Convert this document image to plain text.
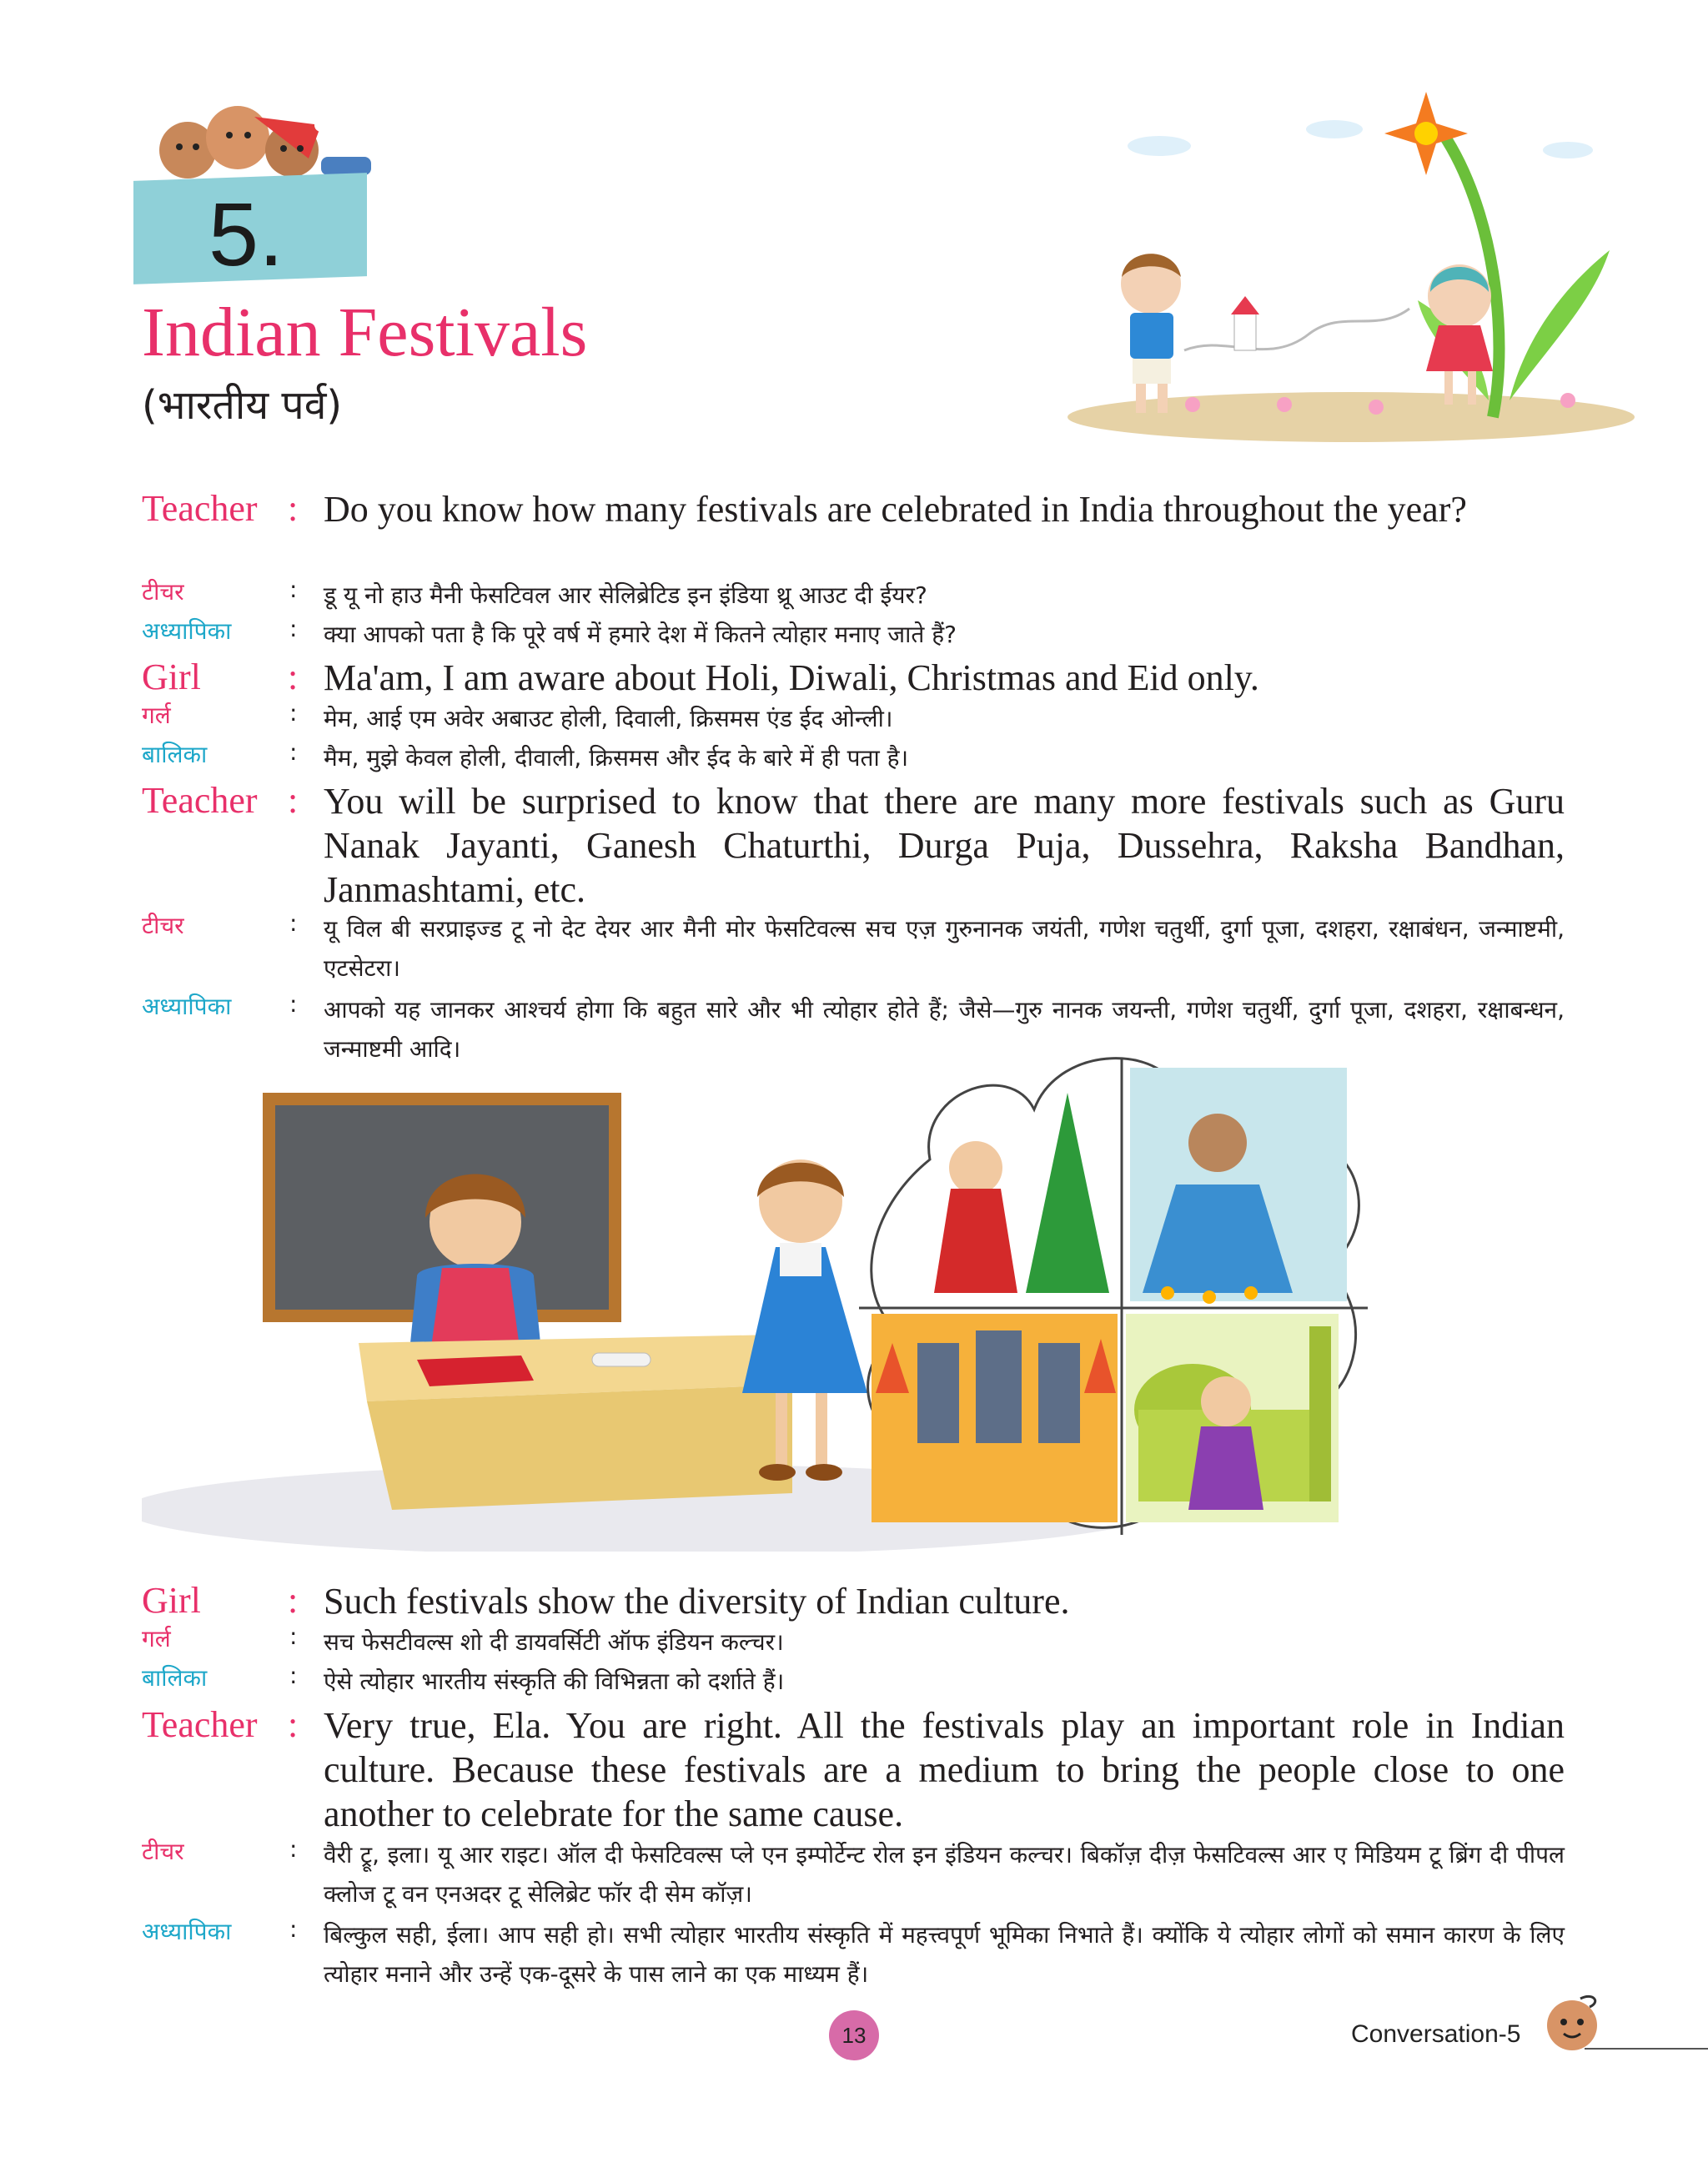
5.
Indian Festivals
(भारतीय पर्व)
Teacher : Do you know how many festivals are celebrated in India throughout the year?
टीचर	: डू यू नो हाउ मैनी फेसटिवल आर सेलिब्रेटिड इन इंडिया थ्रू आउट दी ईयर?
अध्यापिका : क्या आपको पता है कि पूरे वर्ष में हमारे देश में कितने त्योहार मनाए जाते हैं?
Girl : Ma'am, I am aware about Holi, Diwali, Christmas and Eid only.
गर्ल	: मेम, आई एम अवेर अबाउट होली, दिवाली, क्रिसमस एंड ईद ओन्ली।
बालिका	: मैम, मुझे केवल होली, दीवाली, क्रिसमस और ईद के बारे में ही पता है।
Teacher : You will be surprised to know that there are many more festivals such as Guru Nanak Jayanti, Ganesh Chaturthi, Durga Puja, Dussehra, Raksha Bandhan, Janmashtami, etc.
टीचर	: यू विल बी सरप्राइज्ड टू नो देट देयर आर मैनी मोर फेसटिवल्स सच एज़ गुरुनानक जयंती, गणेश चतुर्थी, दुर्गा पूजा, दशहरा, रक्षाबंधन, जन्माष्टमी, एटसेटरा।
अध्यापिका : आपको यह जानकर आश्चर्य होगा कि बहुत सारे और भी त्योहार होते हैं; जैसे—गुरु नानक जयन्ती, गणेश चतुर्थी, दुर्गा पूजा, दशहरा, रक्षाबन्धन, जन्माष्टमी आदि।
Girl : Such festivals show the diversity of Indian culture.
गर्ल	: सच फेसटीवल्स शो दी डायवर्सिटी ऑफ इंडियन कल्चर।
बालिका	: ऐसे त्योहार भारतीय संस्कृति की विभिन्नता को दर्शाते हैं।
Teacher : Very true, Ela. You are right. All the festivals play an important role in Indian culture. Because these festivals are a medium to bring the people close to one another to celebrate for the same cause.
टीचर	: वैरी ट्रू, इला। यू आर राइट। ऑल दी फेसटिवल्स प्ले एन इम्पोर्टेन्ट रोल इन इंडियन कल्चर। बिकॉज़ दीज़ फेसटिवल्स आर ए मिडियम टू ब्रिंग दी पीपल क्लोज टू वन एनअदर टू सेलिब्रेट फॉर दी सेम कॉज़।
अध्यापिका : बिल्कुल सही, ईला। आप सही हो। सभी त्योहार भारतीय संस्कृति में महत्त्वपूर्ण भूमिका निभाते हैं। क्योंकि ये त्योहार लोगों को समान कारण के लिए त्योहार मनाने और उन्हें एक-दूसरे के पास लाने का एक माध्यम हैं।
13	Conversation-5
